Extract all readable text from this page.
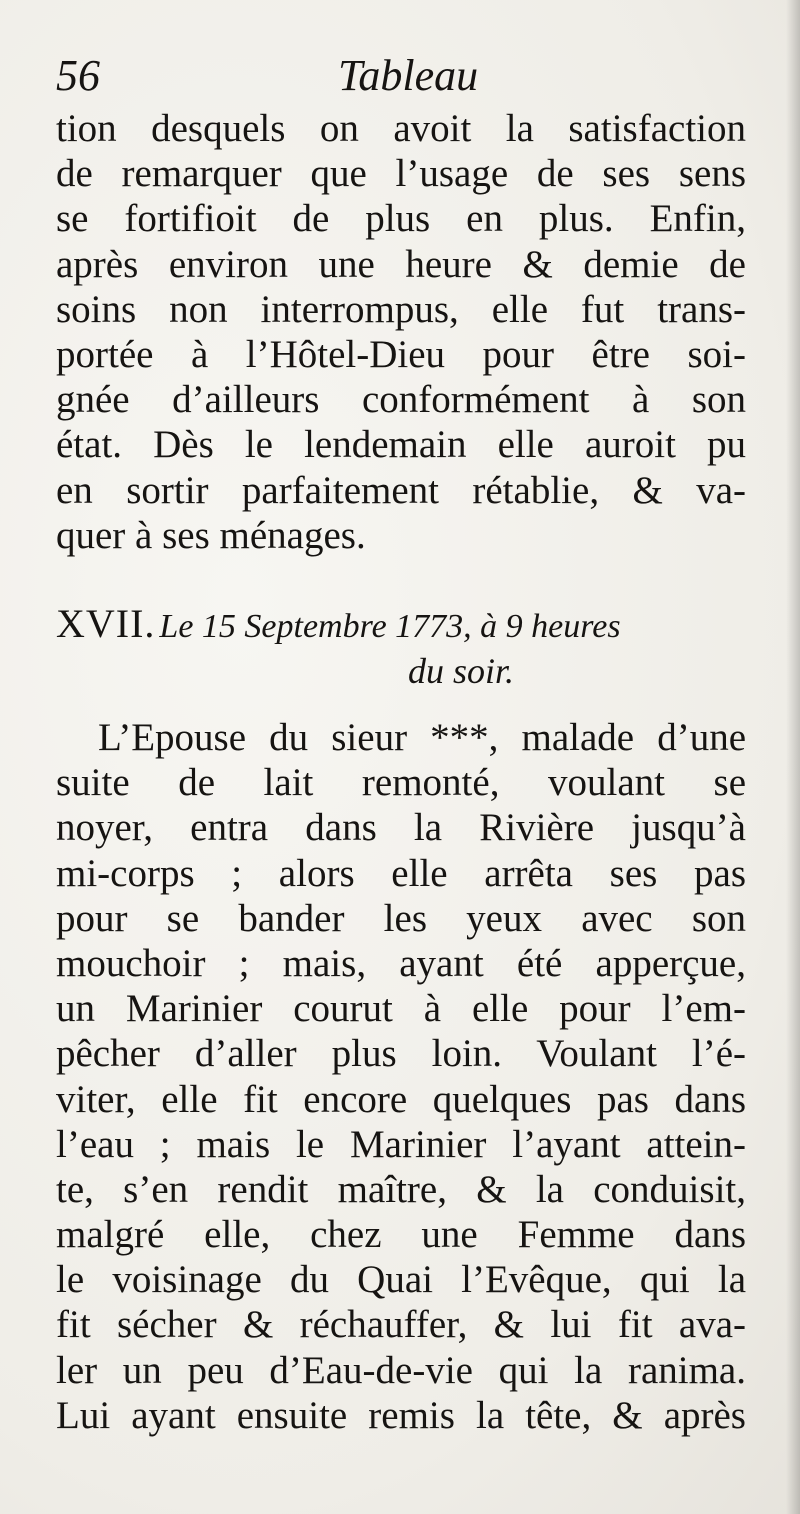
56	Tableau
tion desquels on avoit la satisfaction
de remarquer que l’usage de ses sens
se fortifioit de plus en plus. Enfin,
après environ une heure & demie de
soins non interrompus, elle fut trans-
portée à l’Hôtel-Dieu pour être soi-
gnée d’ailleurs conformément à son
état. Dès le lendemain elle auroit pu
en sortir parfaitement rétablie, & va-
quer à ses ménages.
XVII. Le 15 Septembre 1773, à 9 heures
du soir.
L’Epouse du sieur ***, malade d’une
suite de lait remonté, voulant se
noyer, entra dans la Rivière jusqu’à
mi-corps ; alors elle arrêta ses pas
pour se bander les yeux avec son
mouchoir ; mais, ayant été apperçue,
un Marinier courut à elle pour l’em-
pêcher d’aller plus loin. Voulant l’é-
viter, elle fit encore quelques pas dans
l’eau ; mais le Marinier l’ayant attein-
te, s’en rendit maître, & la conduisit,
malgré elle, chez une Femme dans
le voisinage du Quai l’Evêque, qui la
fit sécher & réchauffer, & lui fit ava-
ler un peu d’Eau-de-vie qui la ranima.
Lui ayant ensuite remis la tête, & après
